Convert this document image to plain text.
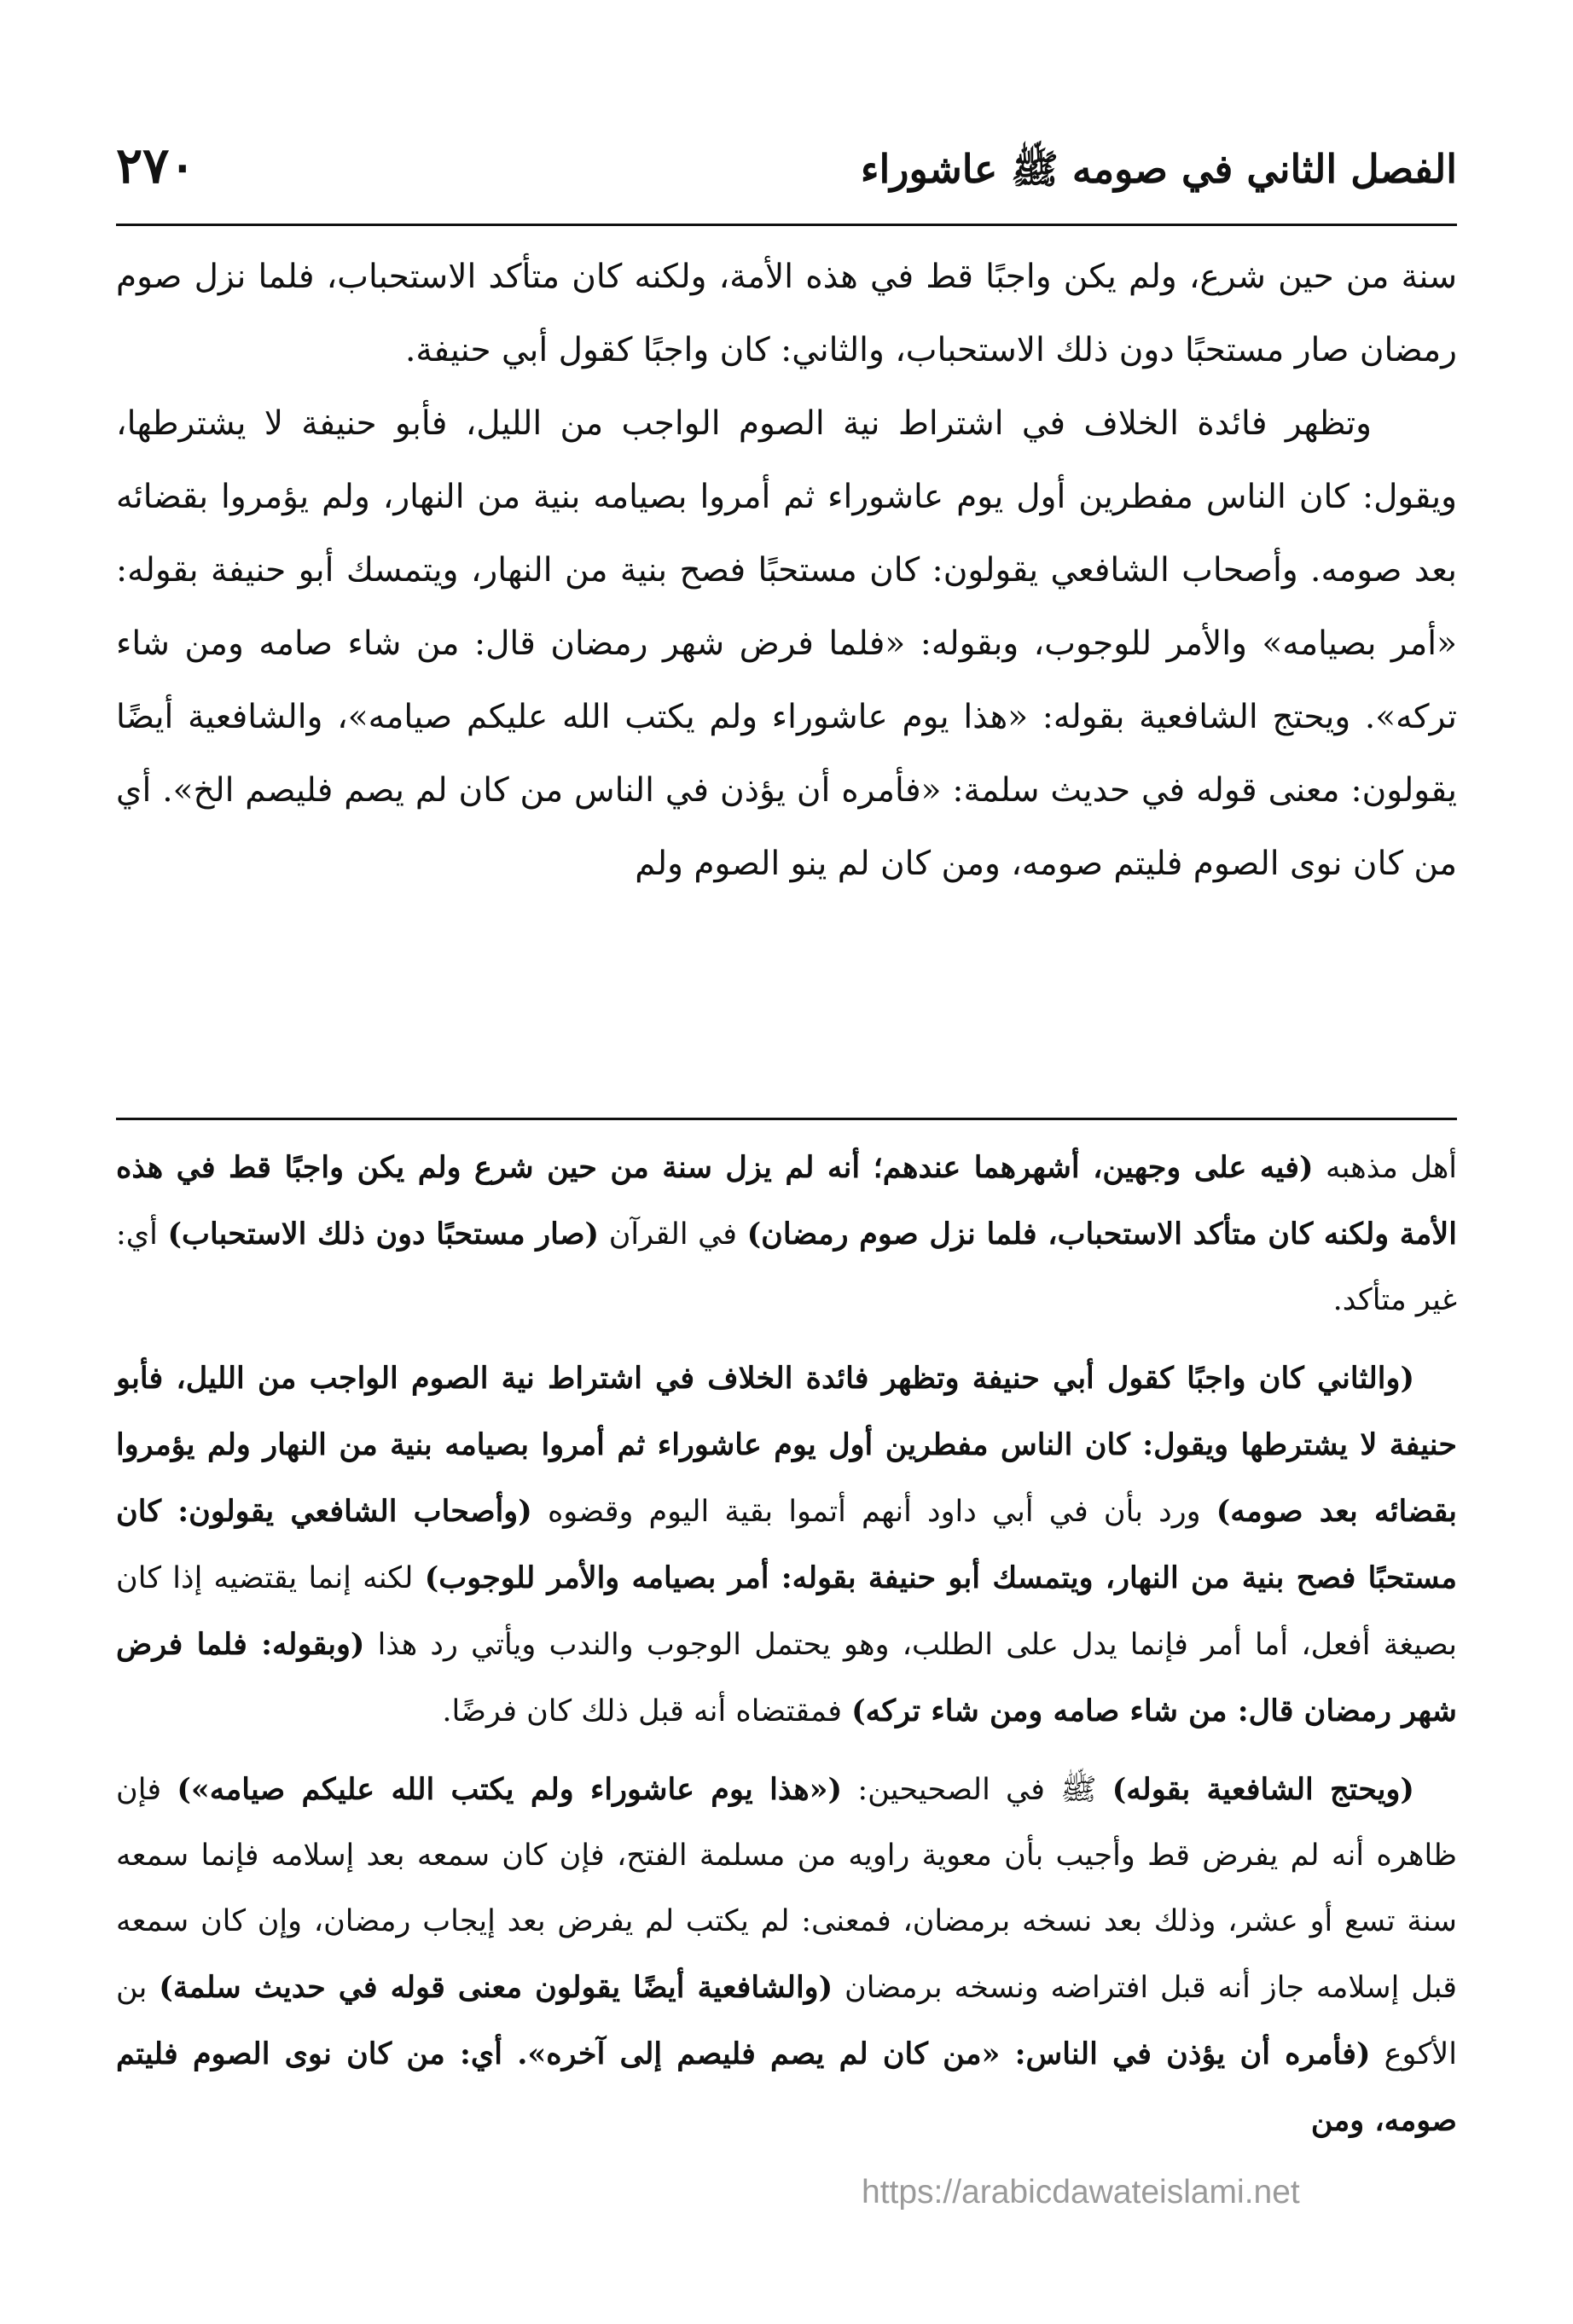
الفصل الثاني في صومه ﷺ عاشوراء
٢٧٠

سنة من حين شرع، ولم يكن واجبًا قط في هذه الأمة، ولكنه كان متأكد الاستحباب، فلما نزل صوم رمضان صار مستحبًا دون ذلك الاستحباب، والثاني: كان واجبًا كقول أبي حنيفة.

وتظهر فائدة الخلاف في اشتراط نية الصوم الواجب من الليل، فأبو حنيفة لا يشترطها، ويقول: كان الناس مفطرين أول يوم عاشوراء ثم أمروا بصيامه بنية من النهار، ولم يؤمروا بقضائه بعد صومه. وأصحاب الشافعي يقولون: كان مستحبًا فصح بنية من النهار، ويتمسك أبو حنيفة بقوله: «أمر بصيامه» والأمر للوجوب، وبقوله: «فلما فرض شهر رمضان قال: من شاء صامه ومن شاء تركه». ويحتج الشافعية بقوله: «هذا يوم عاشوراء ولم يكتب الله عليكم صيامه»، والشافعية أيضًا يقولون: معنى قوله في حديث سلمة: «فأمره أن يؤذن في الناس من كان لم يصم فليصم الخ». أي من كان نوى الصوم فليتم صومه، ومن كان لم ينو الصوم ولم

أهل مذهبه (فيه على وجهين، أشهرهما عندهم؛ أنه لم يزل سنة من حين شرع ولم يكن واجبًا قط في هذه الأمة ولكنه كان متأكد الاستحباب، فلما نزل صوم رمضان) في القرآن (صار مستحبًا دون ذلك الاستحباب) أي: غير متأكد.

(والثاني كان واجبًا كقول أبي حنيفة وتظهر فائدة الخلاف في اشتراط نية الصوم الواجب من الليل، فأبو حنيفة لا يشترطها ويقول: كان الناس مفطرين أول يوم عاشوراء ثم أمروا بصيامه بنية من النهار ولم يؤمروا بقضائه بعد صومه) ورد بأن في أبي داود أنهم أتموا بقية اليوم وقضوه (وأصحاب الشافعي يقولون: كان مستحبًا فصح بنية من النهار، ويتمسك أبو حنيفة بقوله: أمر بصيامه والأمر للوجوب) لكنه إنما يقتضيه إذا كان بصيغة أفعل، أما أمر فإنما يدل على الطلب، وهو يحتمل الوجوب والندب ويأتي رد هذا (وبقوله: فلما فرض شهر رمضان قال: من شاء صامه ومن شاء تركه) فمقتضاه أنه قبل ذلك كان فرضًا.

(ويحتج الشافعية بقوله) ﷺ في الصحيحين: («هذا يوم عاشوراء ولم يكتب الله عليكم صيامه») فإن ظاهره أنه لم يفرض قط وأجيب بأن معوية راويه من مسلمة الفتح، فإن كان سمعه بعد إسلامه فإنما سمعه سنة تسع أو عشر، وذلك بعد نسخه برمضان، فمعنى: لم يكتب لم يفرض بعد إيجاب رمضان، وإن كان سمعه قبل إسلامه جاز أنه قبل افتراضه ونسخه برمضان (والشافعية أيضًا يقولون معنى قوله في حديث سلمة) بن الأكوع (فأمره أن يؤذن في الناس: «من كان لم يصم فليصم إلى آخره». أي: من كان نوى الصوم فليتم صومه، ومن

https://arabicdawateislami.net
